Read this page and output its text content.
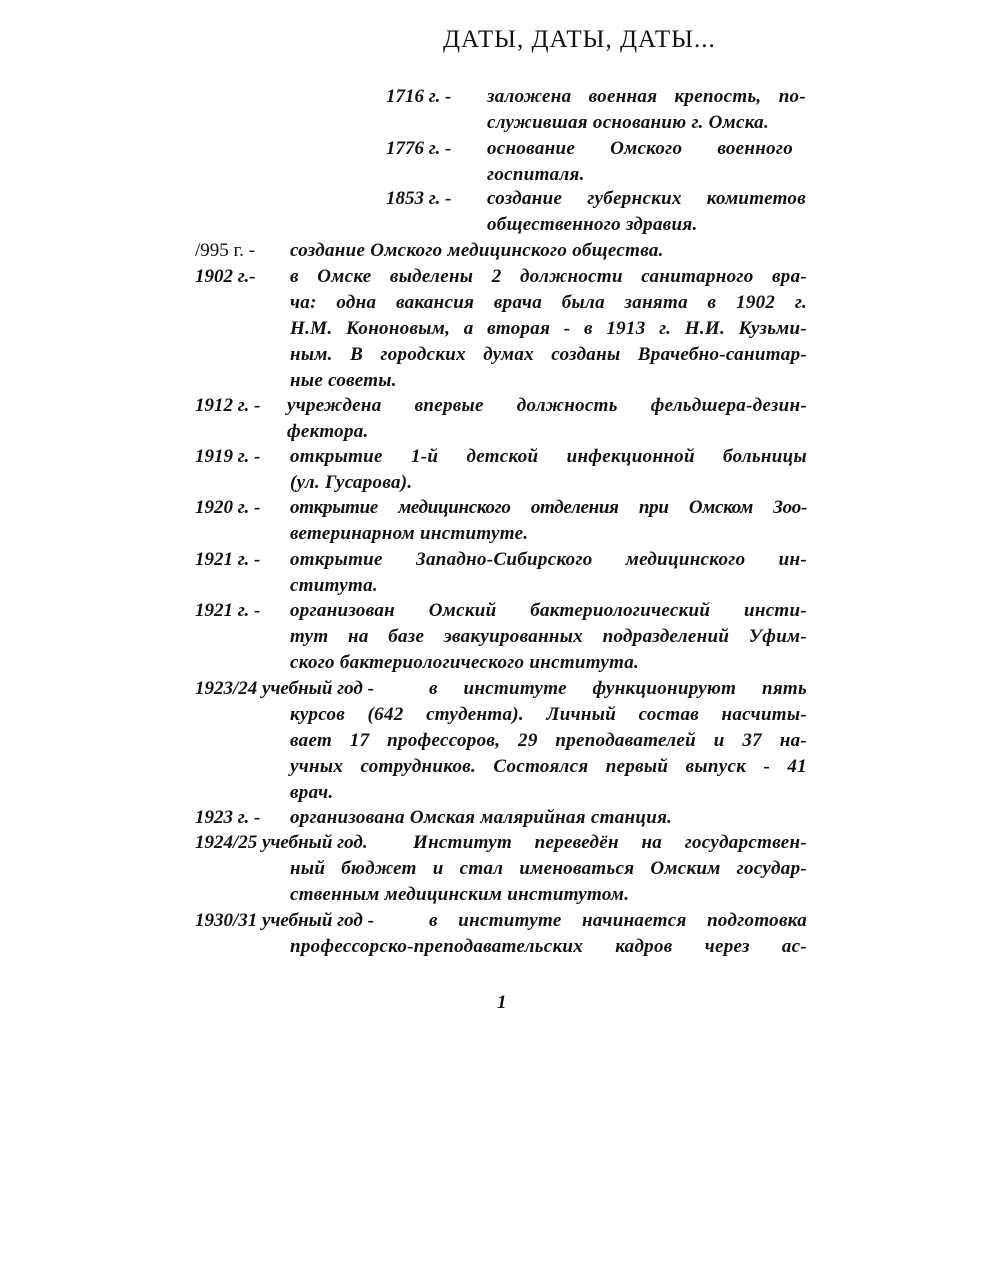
ДАТЫ, ДАТЫ, ДАТЫ...
1716 г. - заложена военная крепость, по-
служившая основанию г. Омска.
1776 г. - основание Омского военного
госпиталя.
1853 г. - создание губернских комитетов
общественного здравия.
/995 г. - создание Омского медицинского общества.
1902 г.- в Омске выделены 2 должности санитарного вра-
ча: одна вакансия врача была занята в 1902 г.
Н.М. Кононовым, а вторая - в 1913 г. Н.И. Кузьми-
ным. В городских думах созданы Врачебно-санитар-
ные советы.
1912 г. - учреждена впервые должность фельдшера-дезин-
фектора.
1919 г. - открытие 1-й детской инфекционной больницы
(ул. Гусарова).
1920 г. - открытие медицинского отделения при Омском Зоо-
ветеринарном институте.
1921 г. - открытие Западно-Сибирского медицинского ин-
ститута.
1921 г. - организован Омский бактериологический инсти-
тут на базе эвакуированных подразделений Уфим-
ского бактериологического института.
1923/24 учебный год -	в институте функционируют пять
курсов (642 студента). Личный состав насчиты-
вает 17 профессоров, 29 преподавателей и 37 на-
учных сотрудников. Состоялся первый выпуск - 41
врач.
1923 г. - организована Омская малярийная станция.
1924/25 учебный год. Институт переведён на государствен-
ный бюджет и стал именоваться Омским государ-
ственным медицинским институтом.
1930/31 учебный год -	в институте начинается подготовка
профессорско-преподавательских кадров через ас-
1
